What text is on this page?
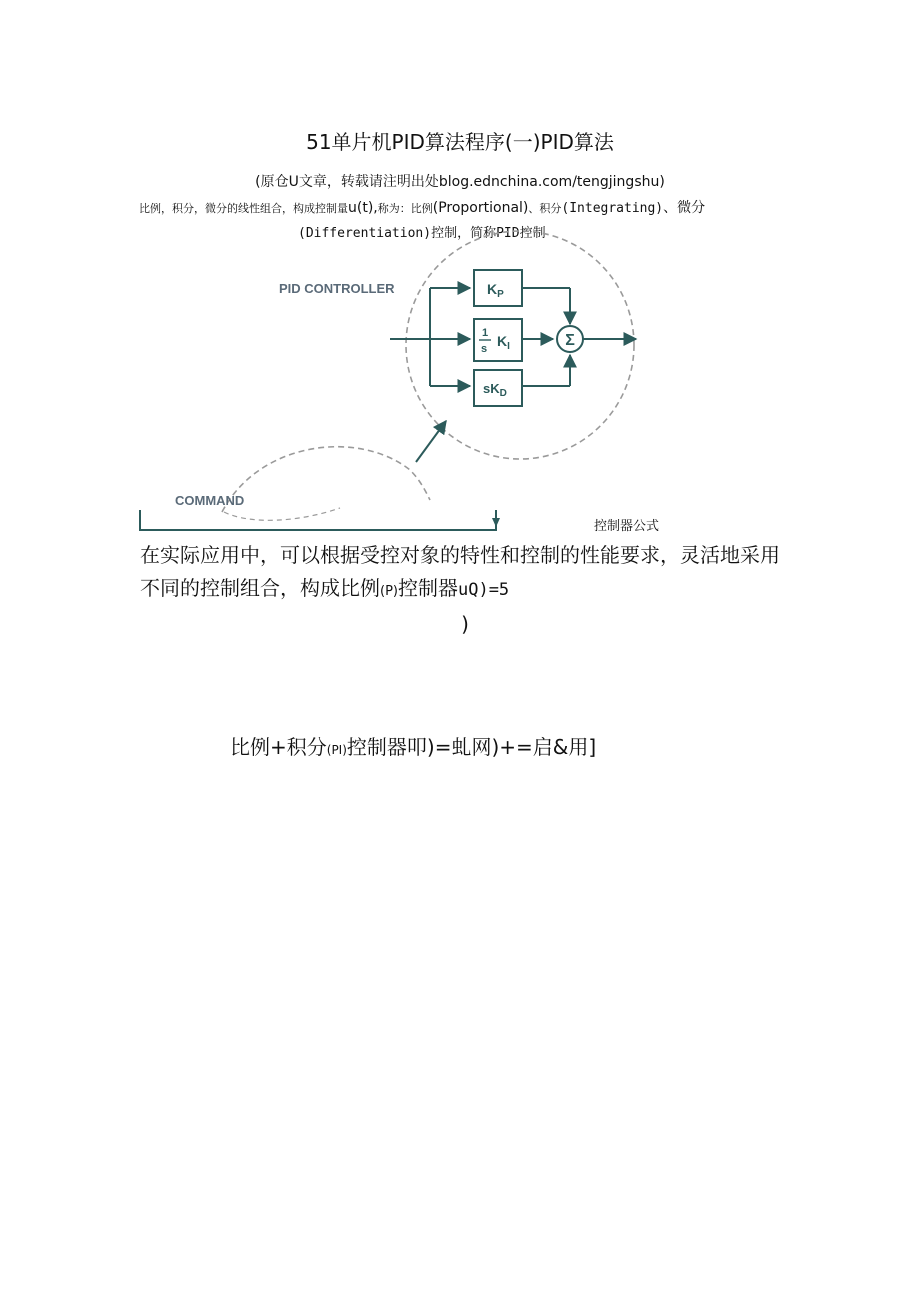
51单片机PID算法程序(一)PID算法
(原仓U文章，转载请注明出处blog.ednchina.com/tengjingshu)
比例，积分，微分的线性组合，构成控制量u(t),称为：比例(Proportional)、积分(Integrating)、微分
(Differentiation)控制，简称PID控制
$K_P$
1
s $K_I$
$sK_D$
Σ
PID CONTROLLER
COMMAND
控制器公式
在实际应用中，可以根据受控对象的特性和控制的性能要求，灵活地采用不同的控制组合，构成比例(P)控制器uQ)=5
)
比例+积分(PI)控制器叩)=虬网)+=启&用]
